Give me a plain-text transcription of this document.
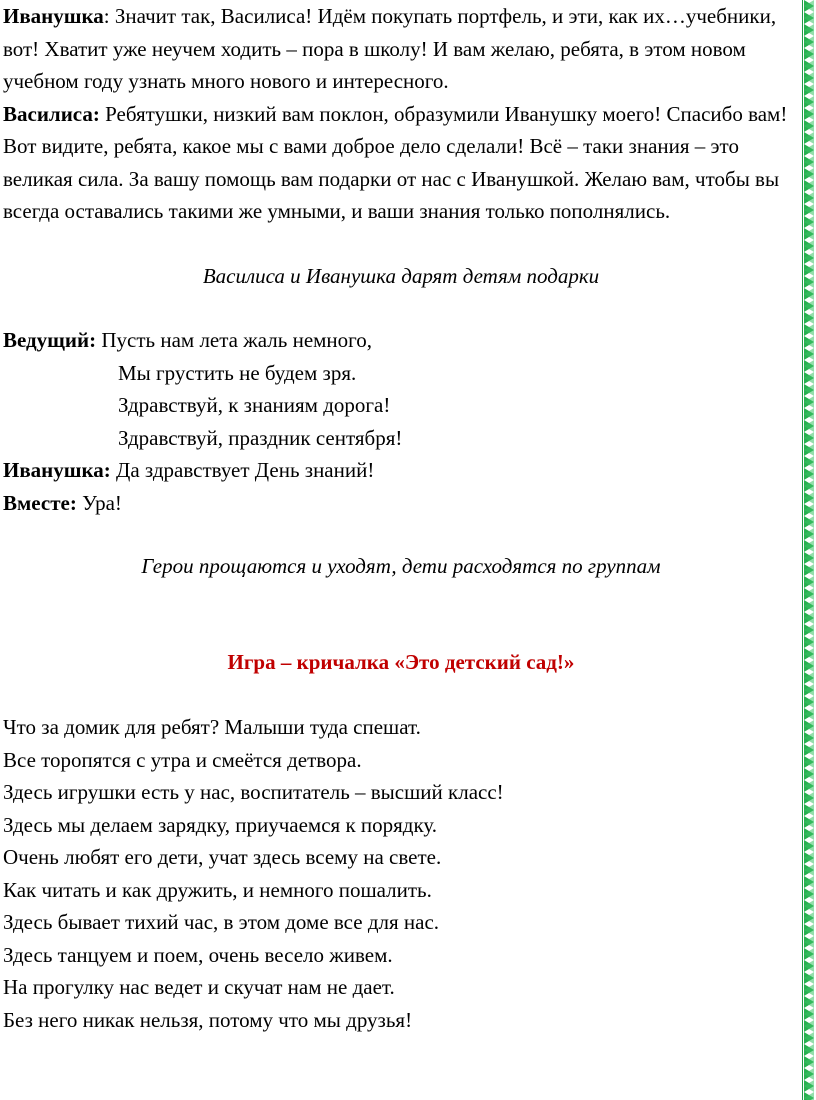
Иванушка: Значит так, Василиса! Идём покупать портфель, и эти, как их…учебники, вот! Хватит уже неучем ходить – пора в школу! И вам желаю, ребята, в этом новом учебном году узнать много нового и интересного.

Василиса: Ребятушки, низкий вам поклон, образумили Иванушку моего! Спасибо вам! Вот видите, ребята, какое мы с вами доброе дело сделали! Всё – таки знания – это великая сила. За вашу помощь вам подарки от нас с Иванушкой. Желаю вам, чтобы вы всегда оставались такими же умными, и ваши знания только пополнялись.

Василиса и Иванушка дарят детям подарки

Ведущий: Пусть нам лета жаль немного,

Мы грустить не будем зря.

Здравствуй, к знаниям дорога!

Здравствуй, праздник сентября!

Иванушка: Да здравствует День знаний!

Вместе: Ура!

Герои прощаются и уходят, дети расходятся по группам

Игра – кричалка «Это детский сад!»

Что за домик для ребят? Малыши туда спешат.

Все торопятся с утра и смеётся детвора.

Здесь игрушки есть у нас, воспитатель – высший класс!

Здесь мы делаем зарядку, приучаемся к порядку.

Очень любят его дети, учат здесь всему на свете.

Как читать и как дружить, и немного пошалить.

Здесь бывает тихий час, в этом доме все для нас.

Здесь танцуем и поем, очень весело живем.

На прогулку нас ведет и скучат нам не дает.

Без него никак нельзя, потому что мы друзья!
